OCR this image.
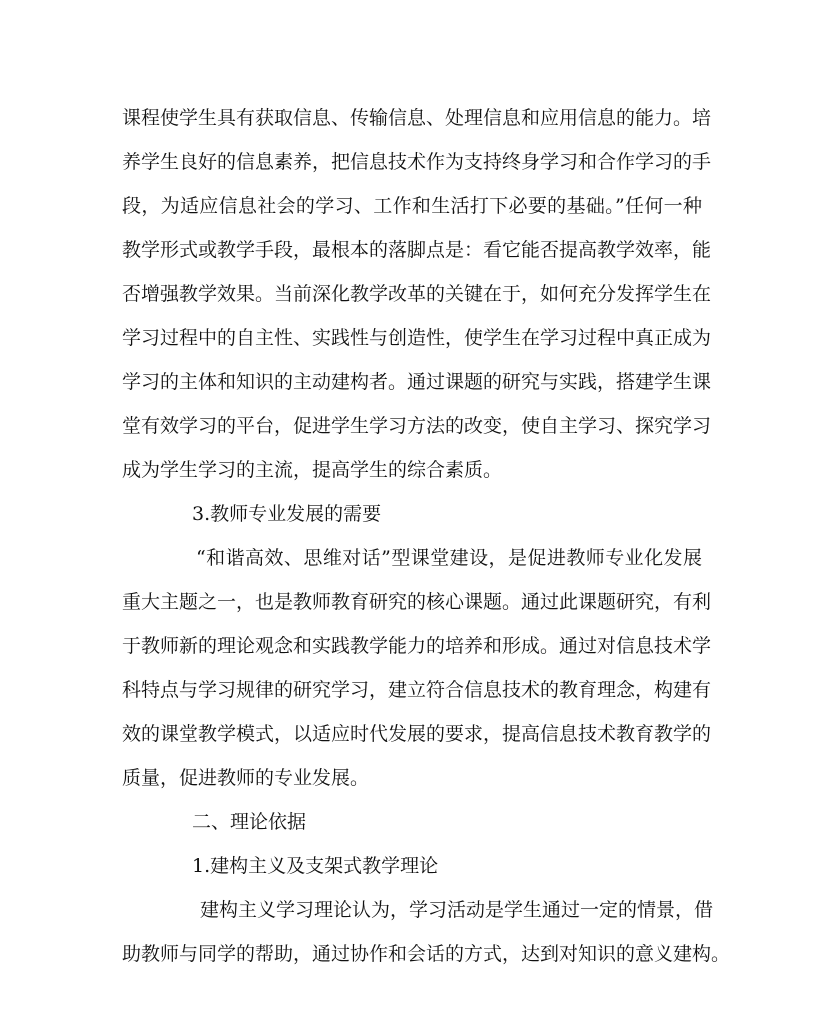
课程使学生具有获取信息、传输信息、处理信息和应用信息的能力。培
养学生良好的信息素养，把信息技术作为支持终身学习和合作学习的手
段，为适应信息社会的学习、工作和生活打下必要的基础。”任何一种
教学形式或教学手段，最根本的落脚点是：看它能否提高教学效率，能
否增强教学效果。当前深化教学改革的关键在于，如何充分发挥学生在
学习过程中的自主性、实践性与创造性，使学生在学习过程中真正成为
学习的主体和知识的主动建构者。通过课题的研究与实践，搭建学生课
堂有效学习的平台，促进学生学习方法的改变，使自主学习、探究学习
成为学生学习的主流，提高学生的综合素质。
3.教师专业发展的需要
“和谐高效、思维对话”型课堂建设，是促进教师专业化发展
重大主题之一，也是教师教育研究的核心课题。通过此课题研究，有利
于教师新的理论观念和实践教学能力的培养和形成。通过对信息技术学
科特点与学习规律的研究学习，建立符合信息技术的教育理念，构建有
效的课堂教学模式，以适应时代发展的要求，提高信息技术教育教学的
质量，促进教师的专业发展。
二、理论依据
1.建构主义及支架式教学理论
建构主义学习理论认为，学习活动是学生通过一定的情景，借
助教师与同学的帮助，通过协作和会话的方式，达到对知识的意义建构。
